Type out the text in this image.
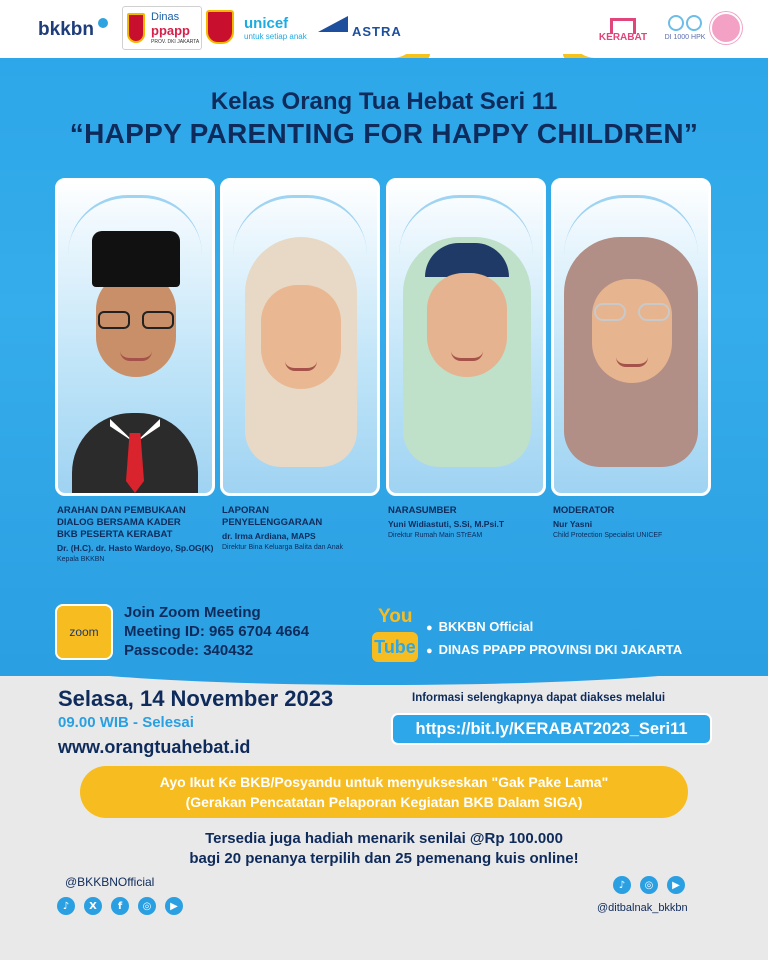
bkkbn
Dinas
ppapp
PROV. DKI JAKARTA
unicef
untuk setiap anak	ASTRA	KERABAT DI 1000 HPK
Kelas Orang Tua Hebat Seri 11
“HAPPY PARENTING FOR HAPPY CHILDREN”
ARAHAN DAN PEMBUKAAN
DIALOG BERSAMA KADER
BKB PESERTA KERABAT
Dr. (H.C). dr. Hasto Wardoyo, Sp.OG(K)
Kepala BKKBN
LAPORAN
PENYELENGGARAAN
dr. Irma Ardiana, MAPS
Direktur Bina Keluarga Balita dan Anak
NARASUMBER
Yuni Widiastuti, S.Si, M.Psi.T
Direktur Rumah Main STrEAM
MODERATOR
Nur Yasni
Child Protection Specialist UNICEF
zoom
Join Zoom Meeting
Meeting ID: 965 6704 4664
Passcode: 340432
You
Tube
● BKKBN Official
● DINAS PPAPP PROVINSI DKI JAKARTA
Selasa, 14 November 2023
09.00 WIB - Selesai
www.orangtuahebat.id
Informasi selengkapnya dapat diakses melalui
https://bit.ly/KERABAT2023_Seri11
Ayo Ikut Ke BKB/Posyandu untuk menyukseskan "Gak Pake Lama"
(Gerakan Pencatatan Pelaporan Kegiatan BKB Dalam SIGA)
Tersedia juga hadiah menarik senilai @Rp 100.000
bagi 20 penanya terpilih dan 25 pemenang kuis online!
@BKKBNOfficial
♪	X	f	◎	▶
♪	◎	▶
@ditbalnak_bkkbn
